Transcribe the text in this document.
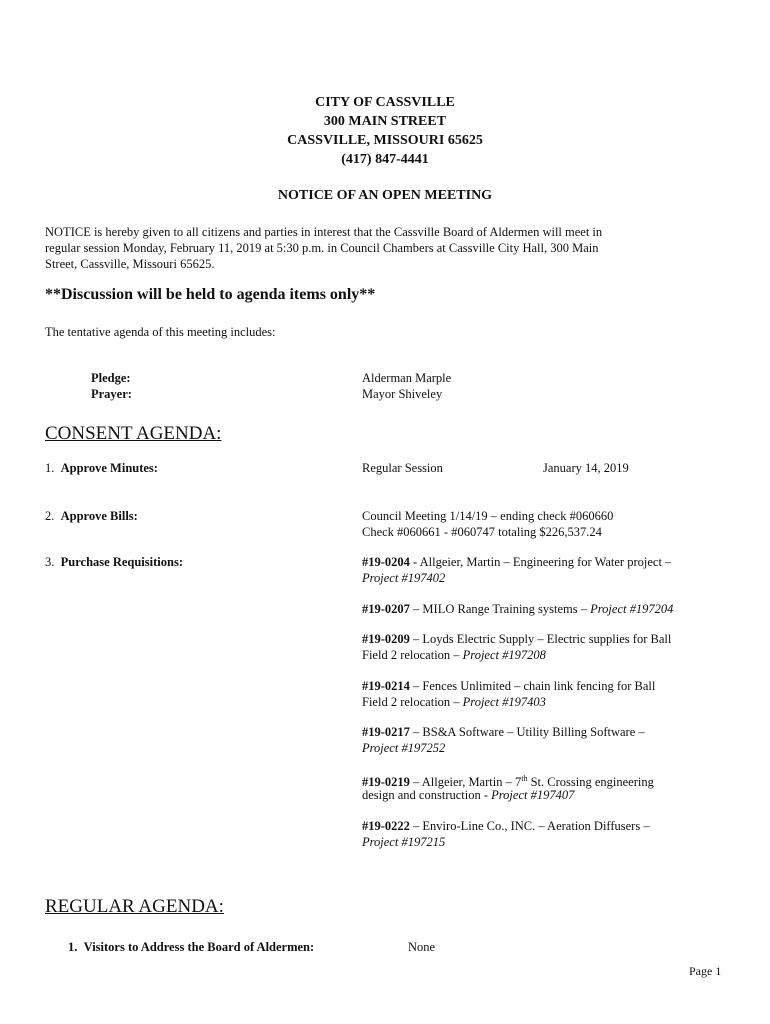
CITY OF CASSVILLE
300 MAIN STREET
CASSVILLE, MISSOURI 65625
(417) 847-4441
NOTICE OF AN OPEN MEETING
NOTICE is hereby given to all citizens and parties in interest that the Cassville Board of Aldermen will meet in
regular session Monday, February 11, 2019 at 5:30 p.m. in Council Chambers at Cassville City Hall, 300 Main
Street, Cassville, Missouri 65625.
**Discussion will be held to agenda items only**
The tentative agenda of this meeting includes:
Pledge:	Alderman Marple
Prayer:	Mayor Shiveley
CONSENT AGENDA:
1. Approve Minutes:	Regular Session	January 14, 2019
2. Approve Bills:	Council Meeting 1/14/19 – ending check #060660
Check #060661 - #060747 totaling $226,537.24
3. Purchase Requisitions:	#19-0204 - Allgeier, Martin – Engineering for Water project –
Project #197402
#19-0207 – MILO Range Training systems – Project #197204
#19-0209 – Loyds Electric Supply – Electric supplies for Ball
Field 2 relocation – Project #197208
#19-0214 – Fences Unlimited – chain link fencing for Ball
Field 2 relocation – Project #197403
#19-0217 – BS&A Software – Utility Billing Software –
Project #197252
#19-0219 – Allgeier, Martin – 7th St. Crossing engineering
design and construction - Project #197407
#19-0222 – Enviro-Line Co., INC. – Aeration Diffusers –
Project #197215
REGULAR AGENDA:
1. Visitors to Address the Board of Aldermen:	None
Page 1
